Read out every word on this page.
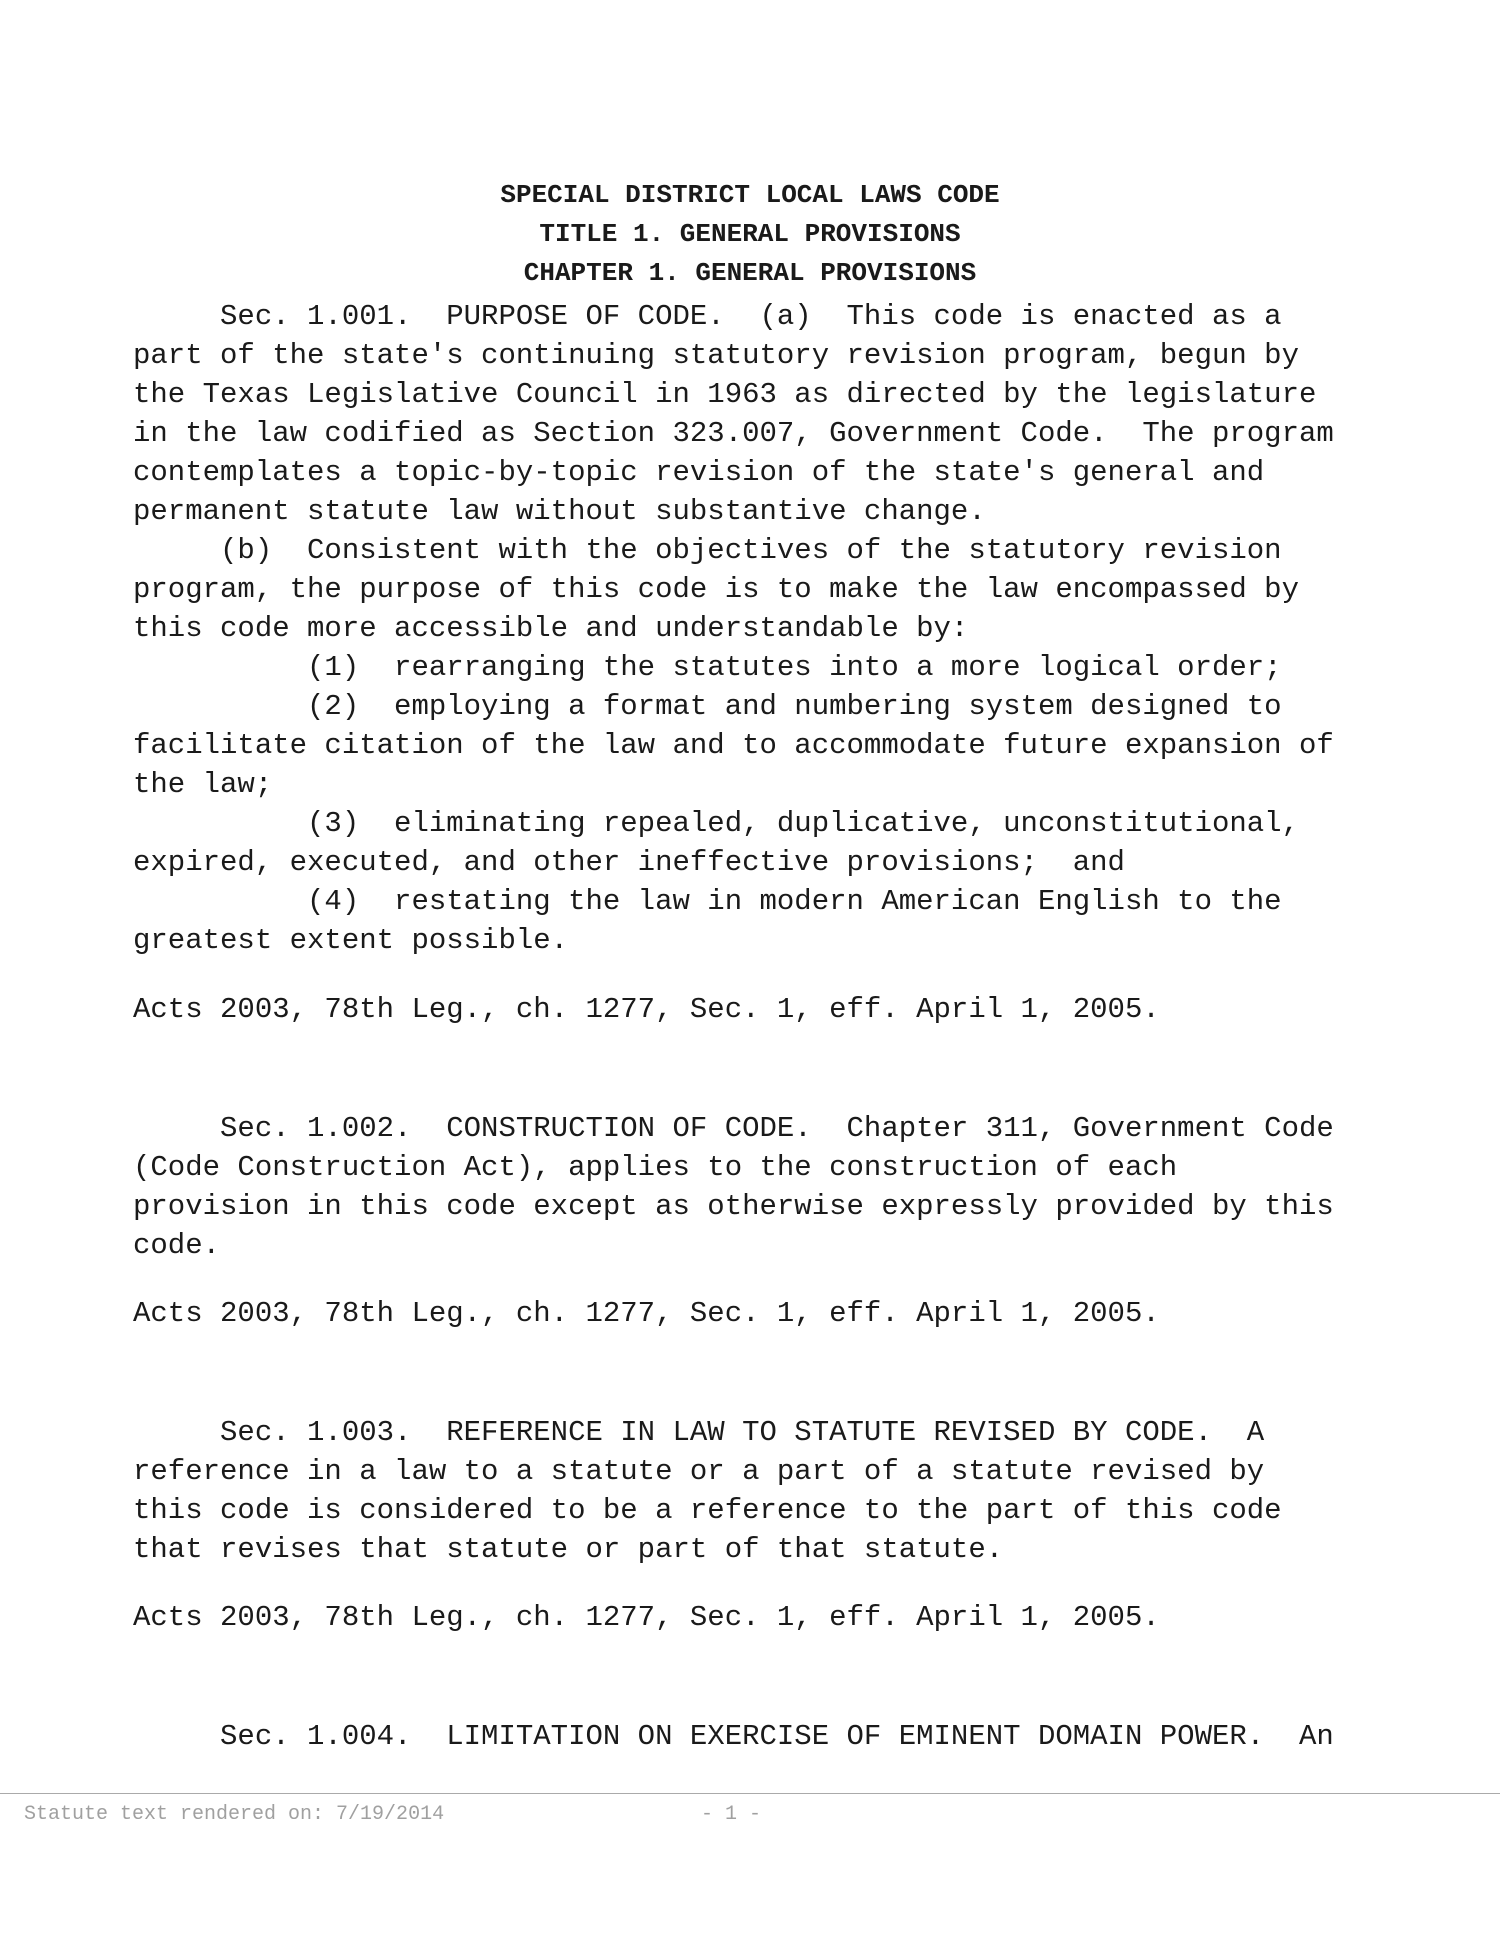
SPECIAL DISTRICT LOCAL LAWS CODE
TITLE 1. GENERAL PROVISIONS
CHAPTER 1. GENERAL PROVISIONS
Sec. 1.001.  PURPOSE OF CODE.  (a)  This code is enacted as a
part of the state's continuing statutory revision program, begun by
the Texas Legislative Council in 1963 as directed by the legislature
in the law codified as Section 323.007, Government Code.  The program
contemplates a topic-by-topic revision of the state's general and
permanent statute law without substantive change.
(b)  Consistent with the objectives of the statutory revision
program, the purpose of this code is to make the law encompassed by
this code more accessible and understandable by:
(1)  rearranging the statutes into a more logical order;
(2)  employing a format and numbering system designed to
facilitate citation of the law and to accommodate future expansion of
the law;
(3)  eliminating repealed, duplicative, unconstitutional,
expired, executed, and other ineffective provisions;  and
(4)  restating the law in modern American English to the
greatest extent possible.
Acts 2003, 78th Leg., ch. 1277, Sec. 1, eff. April 1, 2005.
Sec. 1.002.  CONSTRUCTION OF CODE.  Chapter 311, Government Code
(Code Construction Act), applies to the construction of each
provision in this code except as otherwise expressly provided by this
code.
Acts 2003, 78th Leg., ch. 1277, Sec. 1, eff. April 1, 2005.
Sec. 1.003.  REFERENCE IN LAW TO STATUTE REVISED BY CODE.  A
reference in a law to a statute or a part of a statute revised by
this code is considered to be a reference to the part of this code
that revises that statute or part of that statute.
Acts 2003, 78th Leg., ch. 1277, Sec. 1, eff. April 1, 2005.
Sec. 1.004.  LIMITATION ON EXERCISE OF EMINENT DOMAIN POWER.  An
Statute text rendered on: 7/19/2014	- 1 -
